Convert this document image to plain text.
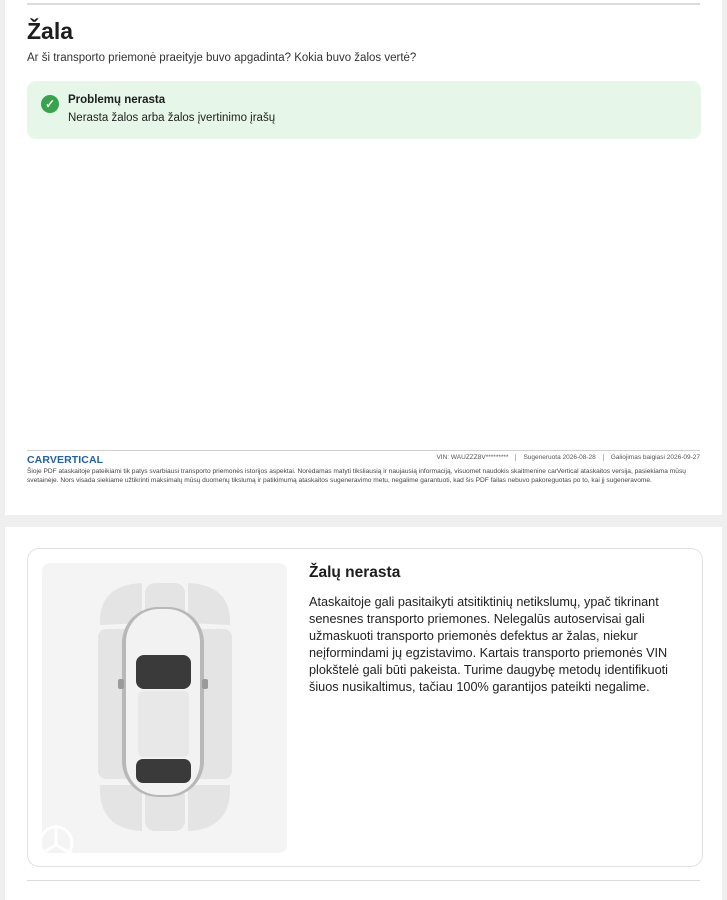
Žala
Ar ši transporto priemonė praeityje buvo apgadinta? Kokia buvo žalos vertė?
✓	Problemų nerasta
Nerasta žalos arba žalos įvertinimo įrašų
CARVERTICAL	VIN: WAUZZZ8V*********	Sugeneruota 2026-08-28	Galiojimas baigiasi 2026-09-27
Šioje PDF ataskaitoje pateikiami tik patys svarbiausi transporto priemonės istorijos aspektai. Norėdamas matyti tiksliausią ir naujausią informaciją, visuomet naudokis skaitmenine carVertical ataskaitos versija, pasiekiama mūsų svetainėje. Nors visada siekiame užtikrinti maksimalų mūsų duomenų tikslumą ir patikimumą ataskaitos sugeneravimo metu, negalime garantuoti, kad šis PDF failas nebuvo pakoreguotas po to, kai jį sugeneravome.
Žalų nerasta
Ataskaitoje gali pasitaikyti atsitiktinių netikslumų, ypač tikrinant senesnes transporto priemones. Nelegalūs autoservisai gali užmaskuoti transporto priemonės defektus ar žalas, niekur neįformindami jų egzistavimo. Kartais transporto priemonės VIN plokštelė gali būti pakeista. Turime daugybę metodų identifikuoti šiuos nusikaltimus, tačiau 100% garantijos pateikti negalime.
